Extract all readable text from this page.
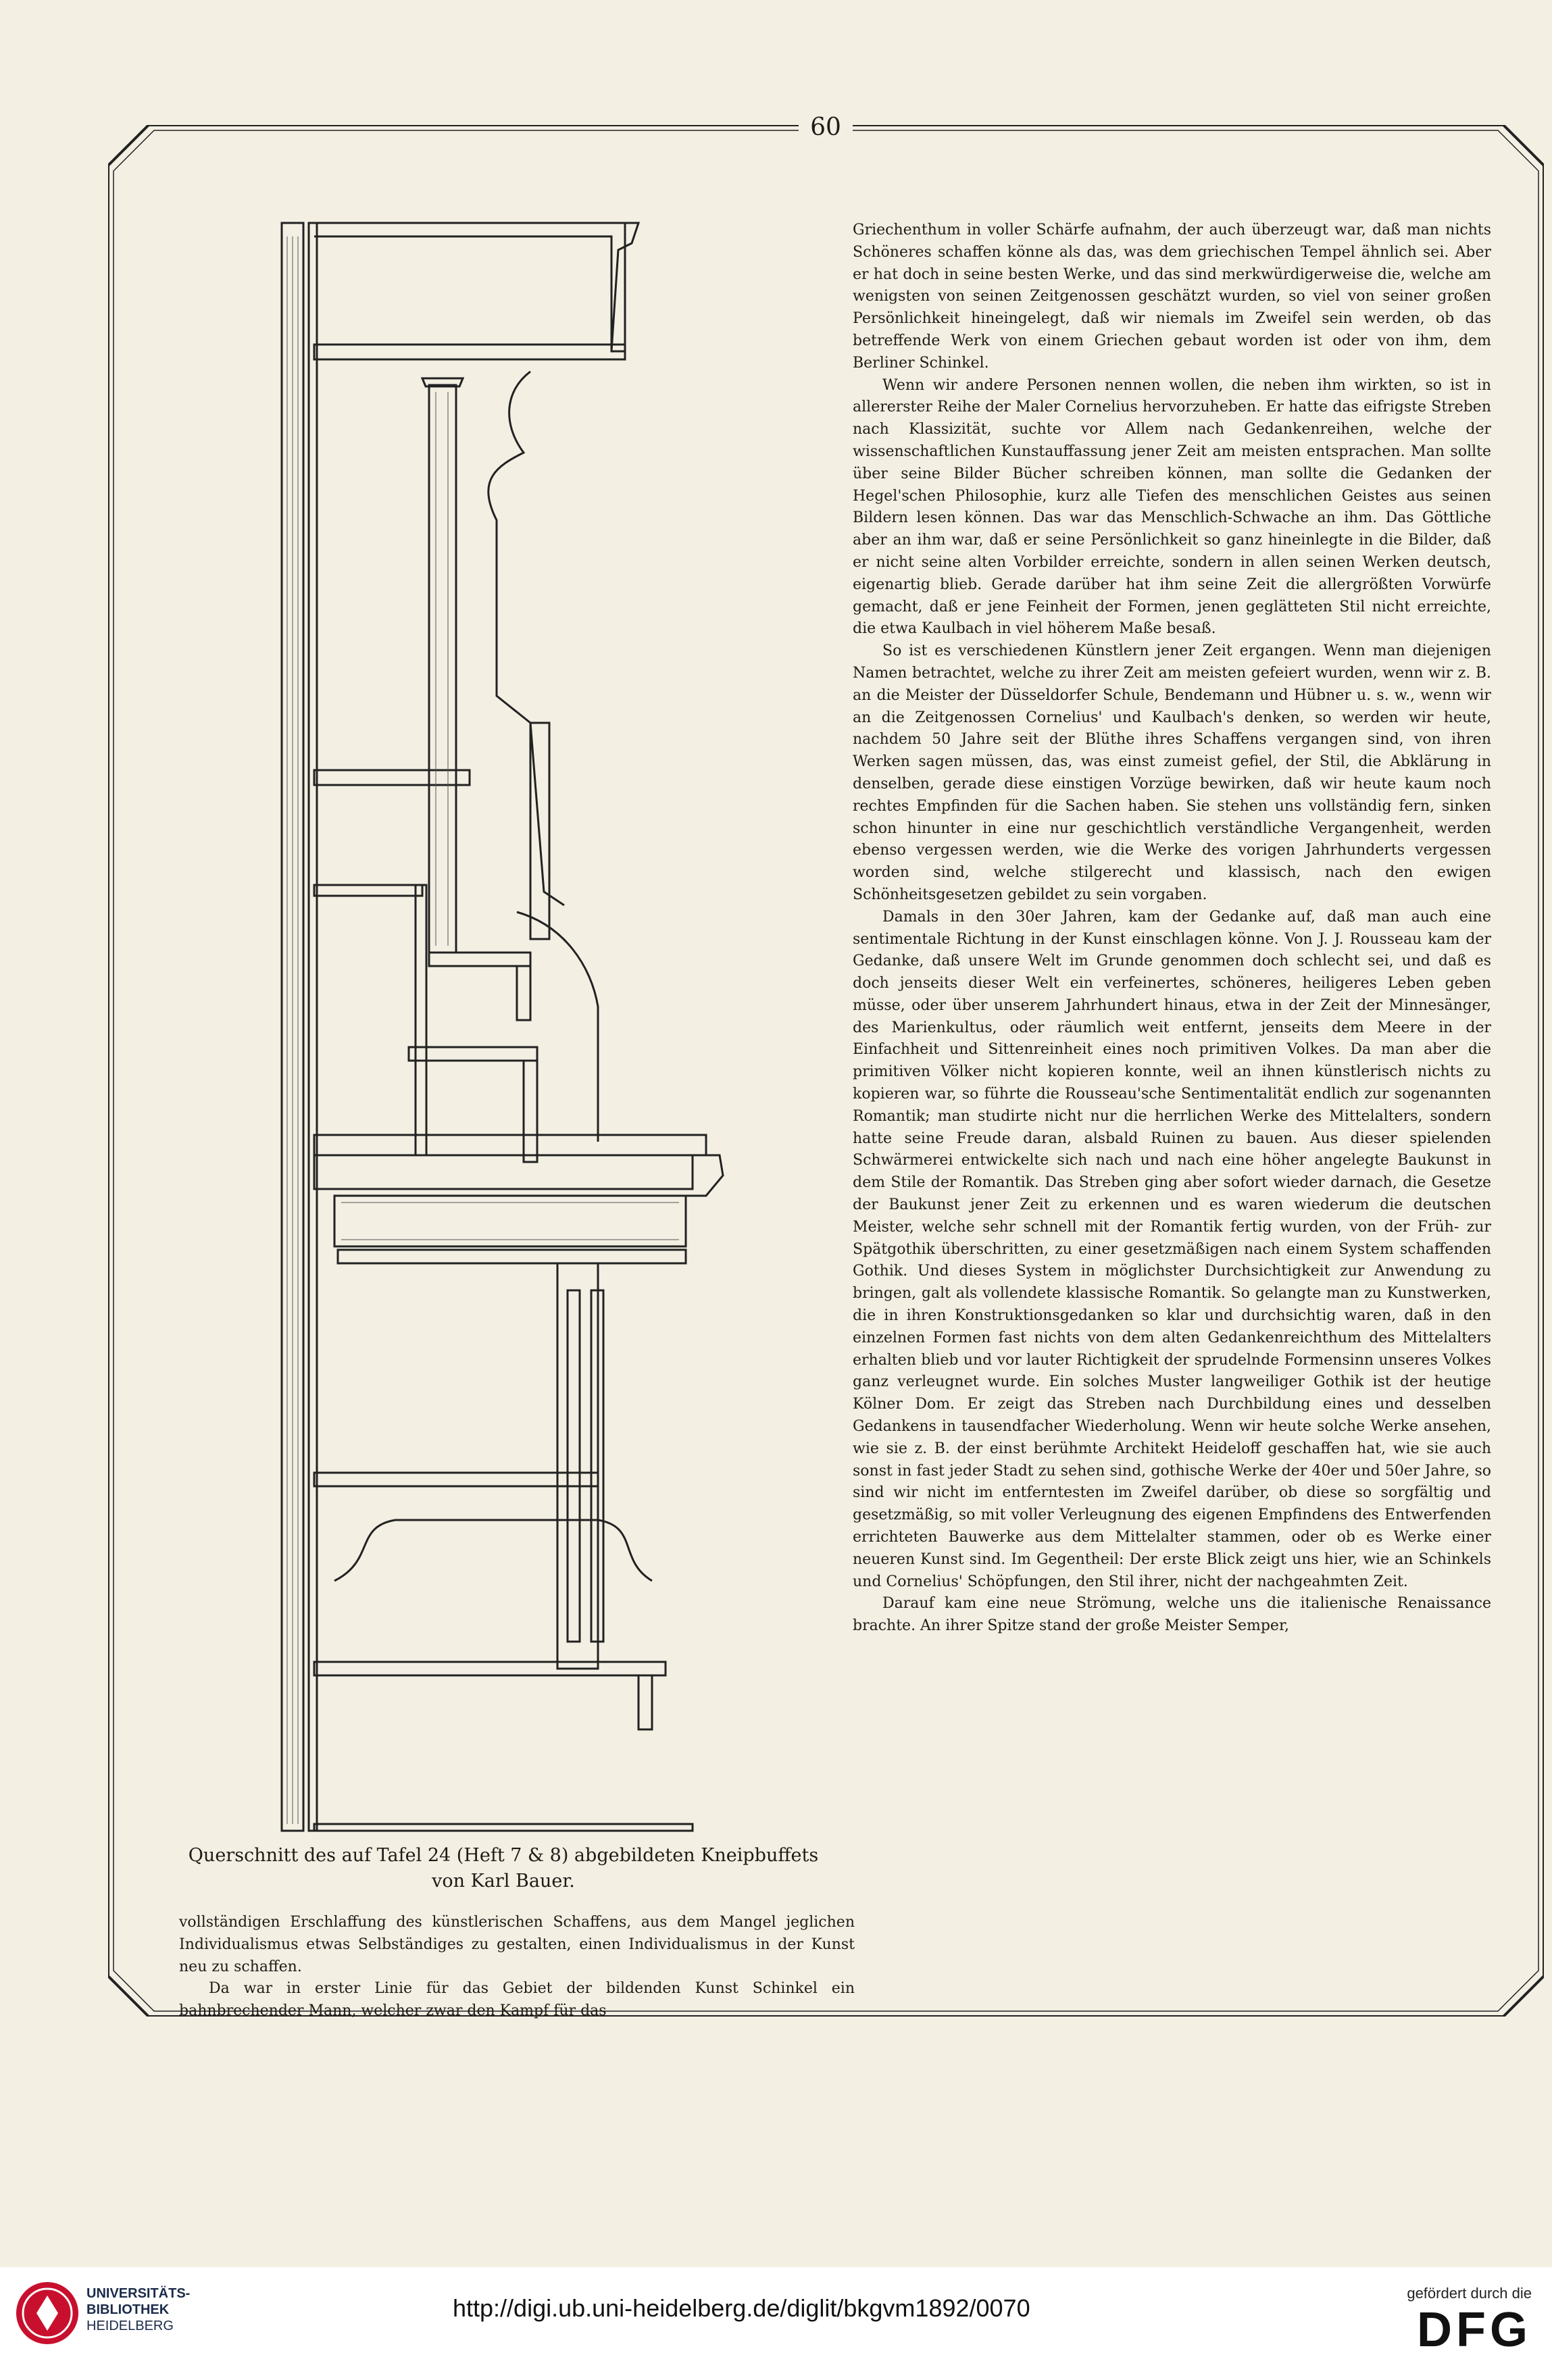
60

Querschnitt des auf Tafel 24 (Heft 7 & 8) abgebildeten Kneipbuffets
von Karl Bauer.

vollständigen Erschlaffung des künstlerischen Schaffens, aus dem Mangel jeglichen Individualismus etwas Selbständiges zu gestalten, einen Individualismus in der Kunst neu zu schaffen.

Da war in erster Linie für das Gebiet der bildenden Kunst Schinkel ein bahnbrechender Mann, welcher zwar den Kampf für das

Griechenthum in voller Schärfe aufnahm, der auch überzeugt war, daß man nichts Schöneres schaffen könne als das, was dem griechischen Tempel ähnlich sei. Aber er hat doch in seine besten Werke, und das sind merkwürdigerweise die, welche am wenigsten von seinen Zeitgenossen geschätzt wurden, so viel von seiner großen Persönlichkeit hineingelegt, daß wir niemals im Zweifel sein werden, ob das betreffende Werk von einem Griechen gebaut worden ist oder von ihm, dem Berliner Schinkel.

Wenn wir andere Personen nennen wollen, die neben ihm wirkten, so ist in allererster Reihe der Maler Cornelius hervorzuheben. Er hatte das eifrigste Streben nach Klassizität, suchte vor Allem nach Gedankenreihen, welche der wissenschaftlichen Kunstauffassung jener Zeit am meisten entsprachen. Man sollte über seine Bilder Bücher schreiben können, man sollte die Gedanken der Hegel'schen Philosophie, kurz alle Tiefen des menschlichen Geistes aus seinen Bildern lesen können. Das war das Menschlich-Schwache an ihm. Das Göttliche aber an ihm war, daß er seine Persönlichkeit so ganz hineinlegte in die Bilder, daß er nicht seine alten Vorbilder erreichte, sondern in allen seinen Werken deutsch, eigenartig blieb. Gerade darüber hat ihm seine Zeit die allergrößten Vorwürfe gemacht, daß er jene Feinheit der Formen, jenen geglätteten Stil nicht erreichte, die etwa Kaulbach in viel höherem Maße besaß.

So ist es verschiedenen Künstlern jener Zeit ergangen. Wenn man diejenigen Namen betrachtet, welche zu ihrer Zeit am meisten gefeiert wurden, wenn wir z. B. an die Meister der Düsseldorfer Schule, Bendemann und Hübner u. s. w., wenn wir an die Zeitgenossen Cornelius' und Kaulbach's denken, so werden wir heute, nachdem 50 Jahre seit der Blüthe ihres Schaffens vergangen sind, von ihren Werken sagen müssen, das, was einst zumeist gefiel, der Stil, die Abklärung in denselben, gerade diese einstigen Vorzüge bewirken, daß wir heute kaum noch rechtes Empfinden für die Sachen haben. Sie stehen uns vollständig fern, sinken schon hinunter in eine nur geschichtlich verständliche Vergangenheit, werden ebenso vergessen werden, wie die Werke des vorigen Jahrhunderts vergessen worden sind, welche stilgerecht und klassisch, nach den ewigen Schönheitsgesetzen gebildet zu sein vorgaben.

Damals in den 30er Jahren, kam der Gedanke auf, daß man auch eine sentimentale Richtung in der Kunst einschlagen könne. Von J. J. Rousseau kam der Gedanke, daß unsere Welt im Grunde genommen doch schlecht sei, und daß es doch jenseits dieser Welt ein verfeinertes, schöneres, heiligeres Leben geben müsse, oder über unserem Jahrhundert hinaus, etwa in der Zeit der Minnesänger, des Marienkultus, oder räumlich weit entfernt, jenseits dem Meere in der Einfachheit und Sittenreinheit eines noch primitiven Volkes. Da man aber die primitiven Völker nicht kopieren konnte, weil an ihnen künstlerisch nichts zu kopieren war, so führte die Rousseau'sche Sentimentalität endlich zur sogenannten Romantik; man studirte nicht nur die herrlichen Werke des Mittelalters, sondern hatte seine Freude daran, alsbald Ruinen zu bauen. Aus dieser spielenden Schwärmerei entwickelte sich nach und nach eine höher angelegte Baukunst in dem Stile der Romantik. Das Streben ging aber sofort wieder darnach, die Gesetze der Baukunst jener Zeit zu erkennen und es waren wiederum die deutschen Meister, welche sehr schnell mit der Romantik fertig wurden, von der Früh- zur Spätgothik überschritten, zu einer gesetzmäßigen nach einem System schaffenden Gothik. Und dieses System in möglichster Durchsichtigkeit zur Anwendung zu bringen, galt als vollendete klassische Romantik. So gelangte man zu Kunstwerken, die in ihren Konstruktionsgedanken so klar und durchsichtig waren, daß in den einzelnen Formen fast nichts von dem alten Gedankenreichthum des Mittelalters erhalten blieb und vor lauter Richtigkeit der sprudelnde Formensinn unseres Volkes ganz verleugnet wurde. Ein solches Muster langweiliger Gothik ist der heutige Kölner Dom. Er zeigt das Streben nach Durchbildung eines und desselben Gedankens in tausendfacher Wiederholung. Wenn wir heute solche Werke ansehen, wie sie z. B. der einst berühmte Architekt Heideloff geschaffen hat, wie sie auch sonst in fast jeder Stadt zu sehen sind, gothische Werke der 40er und 50er Jahre, so sind wir nicht im entferntesten im Zweifel darüber, ob diese so sorgfältig und gesetzmäßig, so mit voller Verleugnung des eigenen Empfindens des Entwerfenden errichteten Bauwerke aus dem Mittelalter stammen, oder ob es Werke einer neueren Kunst sind. Im Gegentheil: Der erste Blick zeigt uns hier, wie an Schinkels und Cornelius' Schöpfungen, den Stil ihrer, nicht der nachgeahmten Zeit.

Darauf kam eine neue Strömung, welche uns die italienische Renaissance brachte. An ihrer Spitze stand der große Meister Semper,

UNIVERSITÄTS-
BIBLIOTHEK
HEIDELBERG
http://digi.ub.uni-heidelberg.de/diglit/bkgvm1892/0070
gefördert durch die
DFG
